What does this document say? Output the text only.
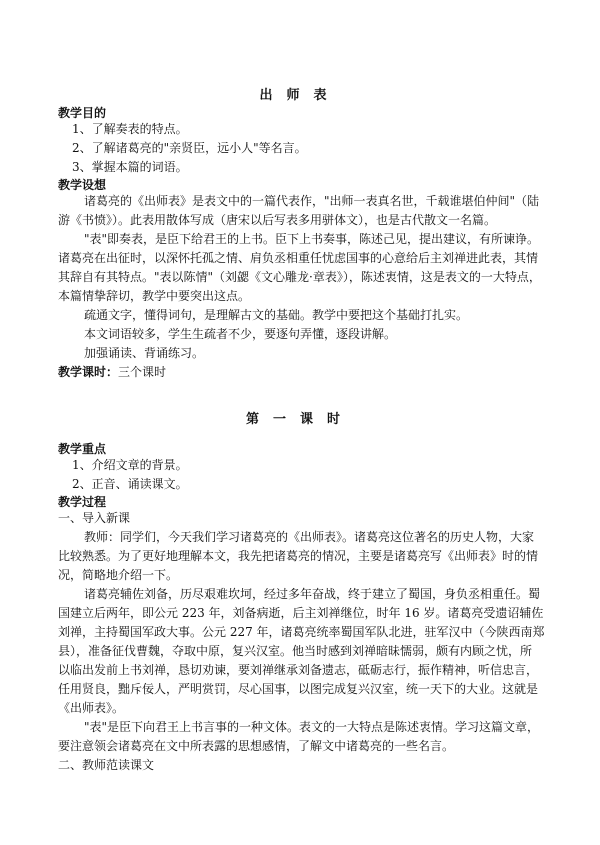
出师表
教学目的
1、了解奏表的特点。
2、了解诸葛亮的"亲贤臣，远小人"等名言。
3、掌握本篇的词语。
教学设想
诸葛亮的《出师表》是表文中的一篇代表作，"出师一表真名世，千载谁堪伯仲间"（陆
游《书愤》）。此表用散体写成（唐宋以后写表多用骈体文），也是古代散文一名篇。
"表"即奏表，是臣下给君王的上书。臣下上书奏事，陈述己见，提出建议，有所谏诤。
诸葛亮在出征时，以深怀托孤之情、肩负丞相重任忧虑国事的心意给后主刘禅进此表，其情
其辞自有其特点。"表以陈情"（刘勰《文心雕龙·章表》），陈述衷情，这是表文的一大特点，
本篇情挚辞切，教学中要突出这点。
疏通文字，懂得词句，是理解古文的基础。教学中要把这个基础打扎实。
本文词语较多，学生生疏者不少，要逐句弄懂，逐段讲解。
加强诵读、背诵练习。
教学课时：三个课时
第一课时
教学重点
1、介绍文章的背景。
2、正音、诵读课文。
教学过程
一、导入新课
教师：同学们，今天我们学习诸葛亮的《出师表》。诸葛亮这位著名的历史人物，大家
比较熟悉。为了更好地理解本文，我先把诸葛亮的情况，主要是诸葛亮写《出师表》时的情
况，简略地介绍一下。
诸葛亮辅佐刘备，历尽艰难坎坷，经过多年奋战，终于建立了蜀国，身负丞相重任。蜀
国建立后两年，即公元 223 年，刘备病逝，后主刘禅继位，时年 16 岁。诸葛亮受遗诏辅佐
刘禅，主持蜀国军政大事。公元 227 年，诸葛亮统率蜀国军队北进，驻军汉中（今陕西南郑
县），准备征伐曹魏，夺取中原，复兴汉室。他当时感到刘禅暗昧懦弱，颇有内顾之忧，所
以临出发前上书刘禅，恳切劝谏，要刘禅继承刘备遗志，砥砺志行，振作精神，听信忠言，
任用贤良，黜斥佞人，严明赏罚，尽心国事，以图完成复兴汉室，统一天下的大业。这就是
《出师表》。
"表"是臣下向君王上书言事的一种文体。表文的一大特点是陈述衷情。学习这篇文章，
要注意领会诸葛亮在文中所表露的思想感情，了解文中诸葛亮的一些名言。
二、教师范读课文
